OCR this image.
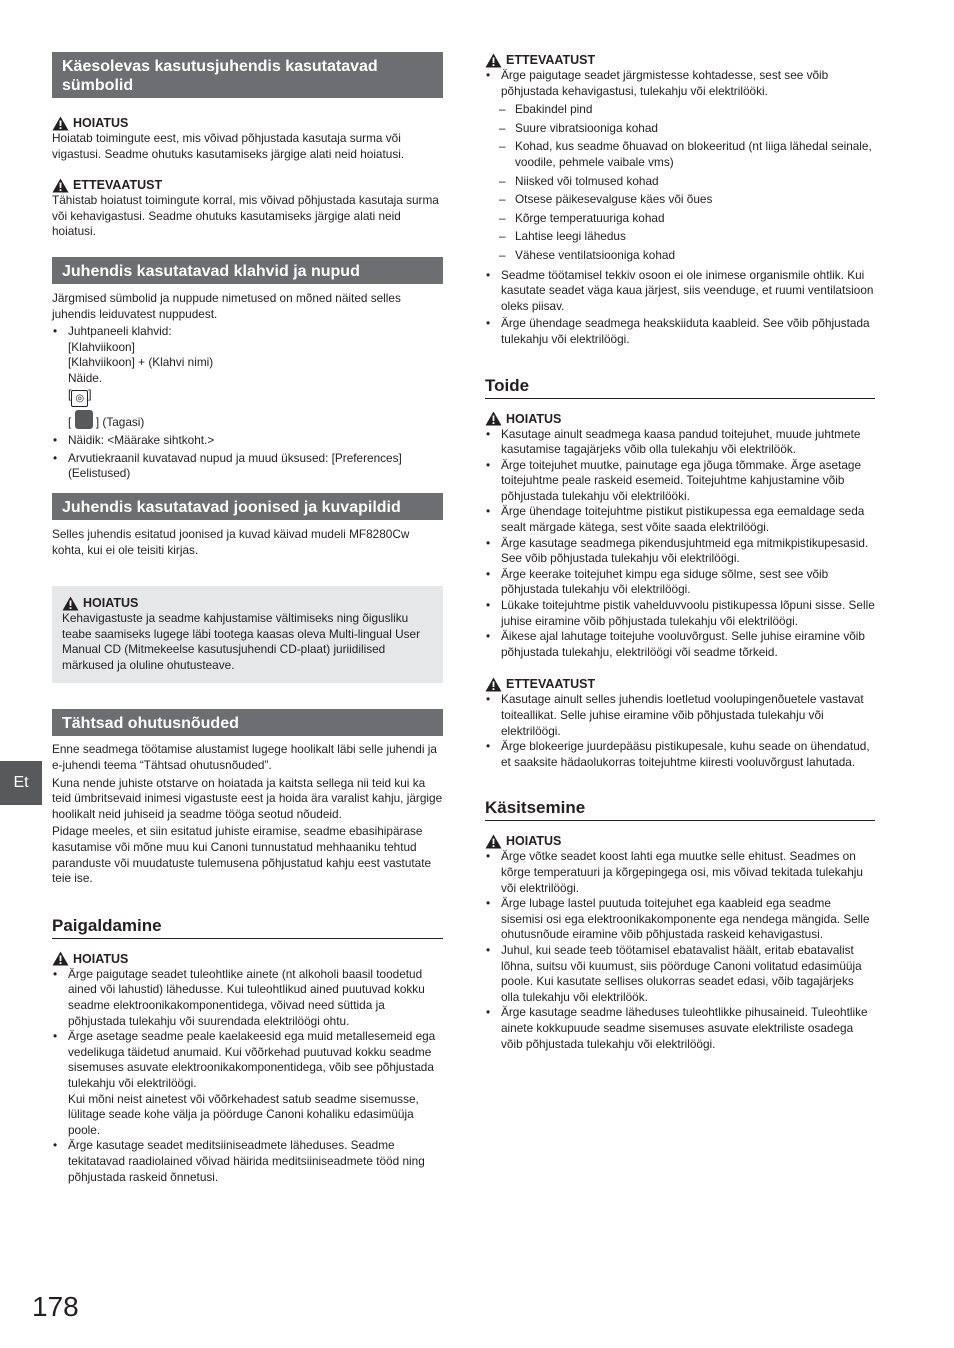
Käesolevas kasutusjuhendis kasutatavad sümbolid
HOIATUS

Hoiatab toimingute eest, mis võivad põhjustada kasutaja surma või vigastusi. Seadme ohutuks kasutamiseks järgige alati neid hoiatusi.

ETTEVAATUST

Tähistab hoiatust toimingute korral, mis võivad põhjustada kasutaja surma või kehavigastusi. Seadme ohutuks kasutamiseks järgige alati neid hoiatusi.

Juhendis kasutatavad klahvid ja nupud

Järgmised sümbolid ja nuppude nimetused on mõned näited selles juhendis leiduvatest nuppudest.

• Juhtpaneeli klahvid:
[Klahviikoon]
[Klahviikoon] + (Klahvi nimi)
Näide.
[ ◎ ]
[ ] (Tagasi)
• Näidik: <Määrake sihtkoht.>
• Arvutiekraanil kuvatavad nupud ja muud üksused: [Preferences] (Eelistused)
Juhendis kasutatavad joonised ja kuvapildid

Selles juhendis esitatud joonised ja kuvad käivad mudeli MF8280Cw kohta, kui ei ole teisiti kirjas.

HOIATUS

Kehavigastuste ja seadme kahjustamise vältimiseks ning õigusliku teabe saamiseks lugege läbi tootega kaasas oleva Multi-lingual User Manual CD (Mitmekeelse kasutusjuhendi CD-plaat) juriidilised märkused ja oluline ohutusteave.

Tähtsad ohutusnõuded

Enne seadmega töötamise alustamist lugege hoolikalt läbi selle juhendi ja e-juhendi teema “Tähtsad ohutusnõuded”.

Kuna nende juhiste otstarve on hoiatada ja kaitsta sellega nii teid kui ka teid ümbritsevaid inimesi vigastuste eest ja hoida ära varalist kahju, järgige hoolikalt neid juhiseid ja seadme tööga seotud nõudeid.

Pidage meeles, et siin esitatud juhiste eiramise, seadme ebasihipärase kasutamise või mõne muu kui Canoni tunnustatud mehhaaniku tehtud paranduste või muudatuste tulemusena põhjustatud kahju eest vastutate teie ise.

Paigaldamine
HOIATUS
• Ärge paigutage seadet tuleohtlike ainete (nt alkoholi baasil toodetud ained või lahustid) lähedusse. Kui tuleohtlikud ained puutuvad kokku seadme elektroonikakomponentidega, võivad need süttida ja põhjustada tulekahju või suurendada elektrilöögi ohtu.
• Ärge asetage seadme peale kaelakeesid ega muid metallesemeid ega vedelikuga täidetud anumaid. Kui võõrkehad puutuvad kokku seadme sisemuses asuvate elektroonikakomponentidega, võib see põhjustada tulekahju või elektrilöögi.
Kui mõni neist ainetest või võõrkehadest satub seadme sisemusse, lülitage seade kohe välja ja pöörduge Canoni kohaliku edasimüüja poole.
• Ärge kasutage seadet meditsiiniseadmete läheduses. Seadme tekitatavad raadiolained võivad häirida meditsiiniseadmete tööd ning põhjustada raskeid õnnetusi.
ETTEVAATUST
• Ärge paigutage seadet järgmistesse kohtadesse, sest see võib põhjustada kehavigastusi, tulekahju või elektrilööki.
– Ebakindel pind
– Suure vibratsiooniga kohad
– Kohad, kus seadme õhuavad on blokeeritud (nt liiga lähedal seinale, voodile, pehmele vaibale vms)
– Niisked või tolmused kohad
– Otsese päikesevalguse käes või õues
– Kõrge temperatuuriga kohad
– Lahtise leegi lähedus
– Vähese ventilatsiooniga kohad
• Seadme töötamisel tekkiv osoon ei ole inimese organismile ohtlik. Kui kasutate seadet väga kaua järjest, siis veenduge, et ruumi ventilatsioon oleks piisav.
• Ärge ühendage seadmega heakskiiduta kaableid. See võib põhjustada tulekahju või elektrilöögi.
Toide
HOIATUS
• Kasutage ainult seadmega kaasa pandud toitejuhet, muude juhtmete kasutamise tagajärjeks võib olla tulekahju või elektrilöök.
• Ärge toitejuhet muutke, painutage ega jõuga tõmmake. Ärge asetage toitejuhtme peale raskeid esemeid. Toitejuhtme kahjustamine võib põhjustada tulekahju või elektrilööki.
• Ärge ühendage toitejuhtme pistikut pistikupessa ega eemaldage seda sealt märgade kätega, sest võite saada elektrilöögi.
• Ärge kasutage seadmega pikendusjuhtmeid ega mitmikpistikupesasid. See võib põhjustada tulekahju või elektrilöögi.
• Ärge keerake toitejuhet kimpu ega siduge sõlme, sest see võib põhjustada tulekahju või elektrilöögi.
• Lükake toitejuhtme pistik vahelduvvoolu pistikupessa lõpuni sisse. Selle juhise eiramine võib põhjustada tulekahju või elektrilöögi.
• Äikese ajal lahutage toitejuhe vooluvõrgust. Selle juhise eiramine võib põhjustada tulekahju, elektrilöögi või seadme tõrkeid.
ETTEVAATUST
• Kasutage ainult selles juhendis loetletud voolupingenõuetele vastavat toiteallikat. Selle juhise eiramine võib põhjustada tulekahju või elektrilöögi.
• Ärge blokeerige juurdepääsu pistikupesale, kuhu seade on ühendatud, et saaksite hädaolukorras toitejuhtme kiiresti vooluvõrgust lahutada.
Käsitsemine
HOIATUS
• Ärge võtke seadet koost lahti ega muutke selle ehitust. Seadmes on kõrge temperatuuri ja kõrgepingega osi, mis võivad tekitada tulekahju või elektrilöögi.
• Ärge lubage lastel puutuda toitejuhet ega kaableid ega seadme sisemisi osi ega elektroonikakomponente ega nendega mängida. Selle ohutusnõude eiramine võib põhjustada raskeid kehavigastusi.
• Juhul, kui seade teeb töötamisel ebatavalist häält, eritab ebatavalist lõhna, suitsu või kuumust, siis pöörduge Canoni volitatud edasimüüja poole. Kui kasutate sellises olukorras seadet edasi, võib tagajärjeks olla tulekahju või elektrilöök.
• Ärge kasutage seadme läheduses tuleohtlikke pihusaineid. Tuleohtlike ainete kokkupuude seadme sisemuses asuvate elektriliste osadega võib põhjustada tulekahju või elektrilöögi.
Et
178
